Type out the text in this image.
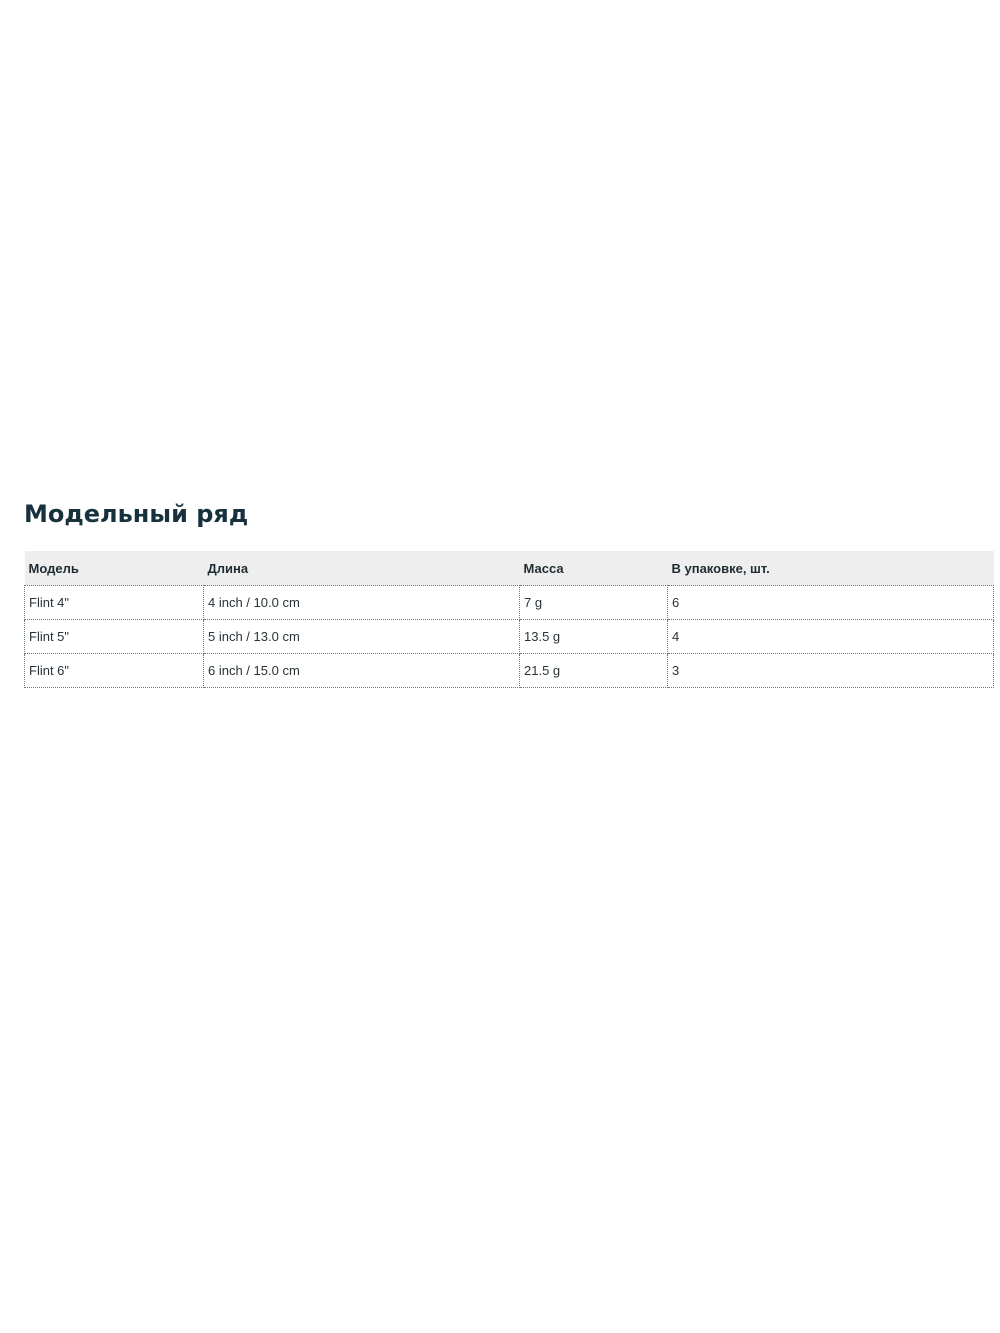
Модельный ряд
Модель	Длина	Масса	В упаковке, шт.
Flint 4"	4 inch / 10.0 cm	7 g	6
Flint 5"	5 inch / 13.0 cm	13.5 g	4
Flint 6"	6 inch / 15.0 cm	21.5 g	3
